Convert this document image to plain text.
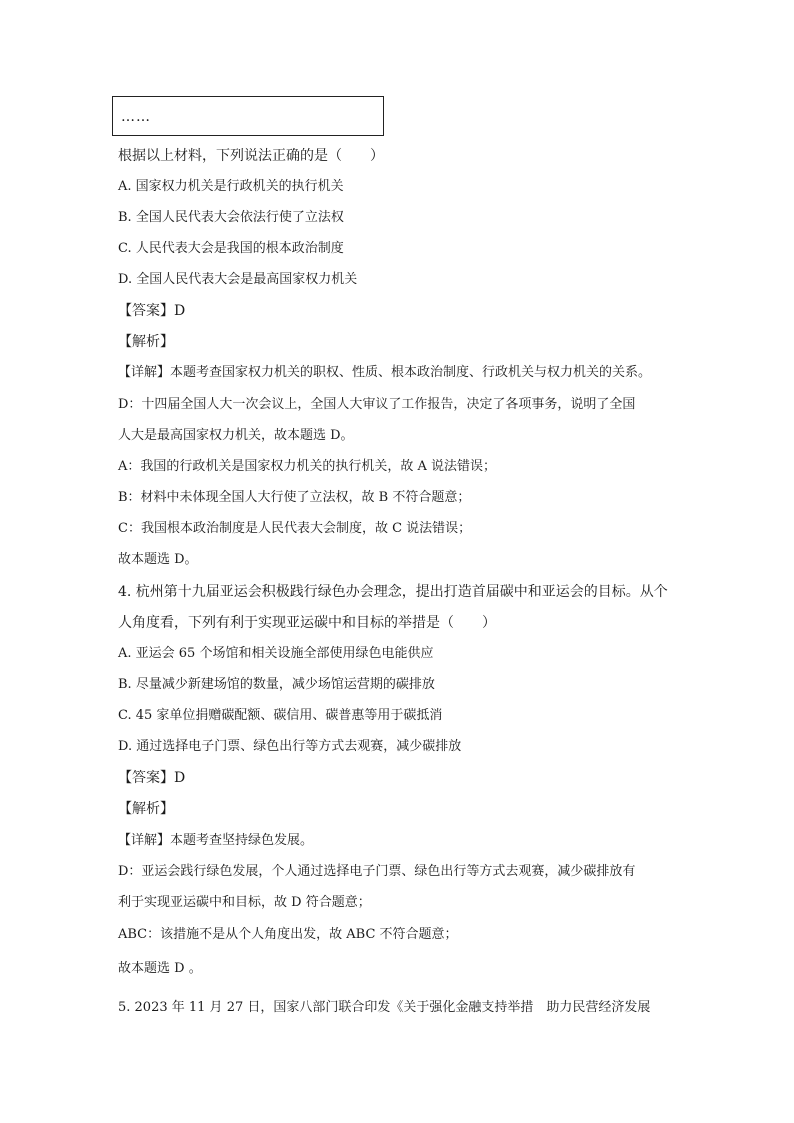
……
根据以上材料，下列说法正确的是（　　）
A. 国家权力机关是行政机关的执行机关
B. 全国人民代表大会依法行使了立法权
C. 人民代表大会是我国的根本政治制度
D. 全国人民代表大会是最高国家权力机关
【答案】D
【解析】
【详解】本题考查国家权力机关的职权、性质、根本政治制度、行政机关与权力机关的关系。
D：十四届全国人大一次会议上，全国人大审议了工作报告，决定了各项事务，说明了全国
人大是最高国家权力机关，故本题选 D。
A：我国的行政机关是国家权力机关的执行机关，故 A 说法错误；
B：材料中未体现全国人大行使了立法权，故 B 不符合题意；
C：我国根本政治制度是人民代表大会制度，故 C 说法错误；
故本题选 D。
4. 杭州第十九届亚运会积极践行绿色办会理念，提出打造首届碳中和亚运会的目标。从个
人角度看，下列有利于实现亚运碳中和目标的举措是（　　）
A. 亚运会 65 个场馆和相关设施全部使用绿色电能供应
B. 尽量减少新建场馆的数量，减少场馆运营期的碳排放
C. 45 家单位捐赠碳配额、碳信用、碳普惠等用于碳抵消
D. 通过选择电子门票、绿色出行等方式去观赛，减少碳排放
【答案】D
【解析】
【详解】本题考查坚持绿色发展。
D：亚运会践行绿色发展，个人通过选择电子门票、绿色出行等方式去观赛，减少碳排放有
利于实现亚运碳中和目标，故 D 符合题意；
ABC：该措施不是从个人角度出发，故 ABC 不符合题意；
故本题选 D 。
5. 2023 年 11 月 27 日，国家八部门联合印发《关于强化金融支持举措　助力民营经济发展
